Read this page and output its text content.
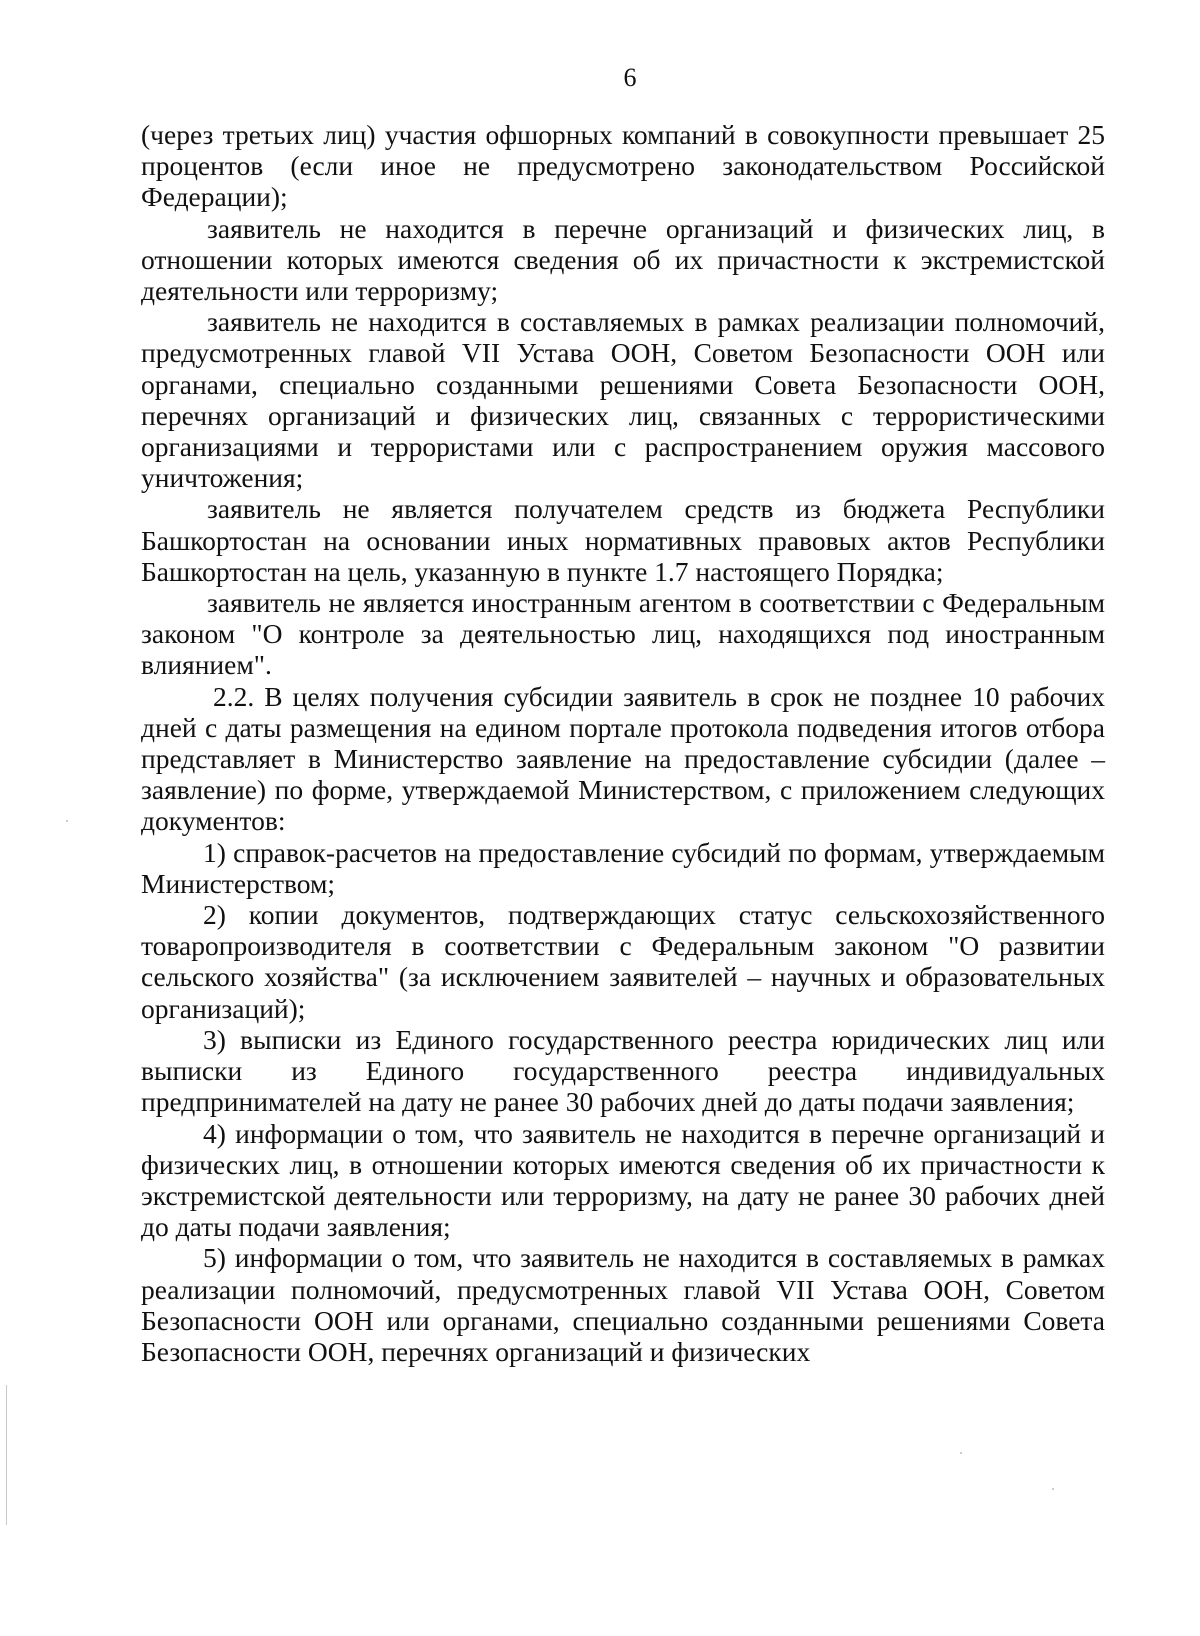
6

(через третьих лиц) участия офшорных компаний в совокупности превышает 25 процентов (если иное не предусмотрено законодательством Российской Федерации);

заявитель не находится в перечне организаций и физических лиц, в отношении которых имеются сведения об их причастности к экстремистской деятельности или терроризму;

заявитель не находится в составляемых в рамках реализации полномочий, предусмотренных главой VII Устава ООН, Советом Безопасности ООН или органами, специально созданными решениями Совета Безопасности ООН, перечнях организаций и физических лиц, связанных с террористическими организациями и террористами или с распространением оружия массового уничтожения;

заявитель не является получателем средств из бюджета Республики Башкортостан на основании иных нормативных правовых актов Республики Башкортостан на цель, указанную в пункте 1.7 настоящего Порядка;

заявитель не является иностранным агентом в соответствии с Федеральным законом "О контроле за деятельностью лиц, находящихся под иностранным влиянием".

2.2. В целях получения субсидии заявитель в срок не позднее 10 рабочих дней с даты размещения на едином портале протокола подведения итогов отбора представляет в Министерство заявление на предоставление субсидии (далее – заявление) по форме, утверждаемой Министерством, с приложением следующих документов:

1) справок-расчетов на предоставление субсидий по формам, утверждаемым Министерством;

2) копии документов, подтверждающих статус сельскохозяйственного товаропроизводителя в соответствии с Федеральным законом "О развитии сельского хозяйства" (за исключением заявителей – научных и образовательных организаций);

3) выписки из Единого государственного реестра юридических лиц или выписки из Единого государственного реестра индивидуальных предпринимателей на дату не ранее 30 рабочих дней до даты подачи заявления;

4) информации о том, что заявитель не находится в перечне организаций и физических лиц, в отношении которых имеются сведения об их причастности к экстремистской деятельности или терроризму, на дату не ранее 30 рабочих дней до даты подачи заявления;

5) информации о том, что заявитель не находится в составляемых в рамках реализации полномочий, предусмотренных главой VII Устава ООН, Советом Безопасности ООН или органами, специально созданными решениями Совета Безопасности ООН, перечнях организаций и физических
